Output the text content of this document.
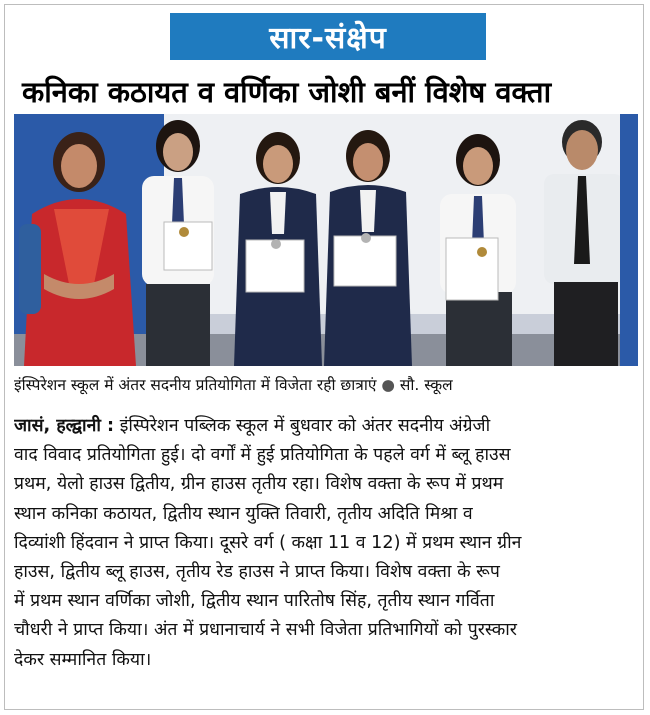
सार-संक्षेप
कनिका कठायत व वर्णिका जोशी बनीं विशेष वक्ता
इंस्पिरेशन स्कूल में अंतर सदनीय प्रतियोगिता में विजेता रही छात्राएं ● सौ. स्कूल
जासं, हल्द्वानी : इंस्पिरेशन पब्लिक स्कूल में बुधवार को अंतर सदनीय अंग्रेजी
वाद विवाद प्रतियोगिता हुई। दो वर्गों में हुई प्रतियोगिता के पहले वर्ग में ब्लू हाउस
प्रथम, येलो हाउस द्वितीय, ग्रीन हाउस तृतीय रहा। विशेष वक्ता के रूप में प्रथम
स्थान कनिका कठायत, द्वितीय स्थान युक्ति तिवारी, तृतीय अदिति मिश्रा व
दिव्यांशी हिंदवान ने प्राप्त किया। दूसरे वर्ग ( कक्षा 11 व 12) में प्रथम स्थान ग्रीन
हाउस, द्वितीय ब्लू हाउस, तृतीय रेड हाउस ने प्राप्त किया। विशेष वक्ता के रूप
में प्रथम स्थान वर्णिका जोशी, द्वितीय स्थान पारितोष सिंह, तृतीय स्थान गर्विता
चौधरी ने प्राप्त किया। अंत में प्रधानाचार्य ने सभी विजेता प्रतिभागियों को पुरस्कार
देकर सम्मानित किया।
